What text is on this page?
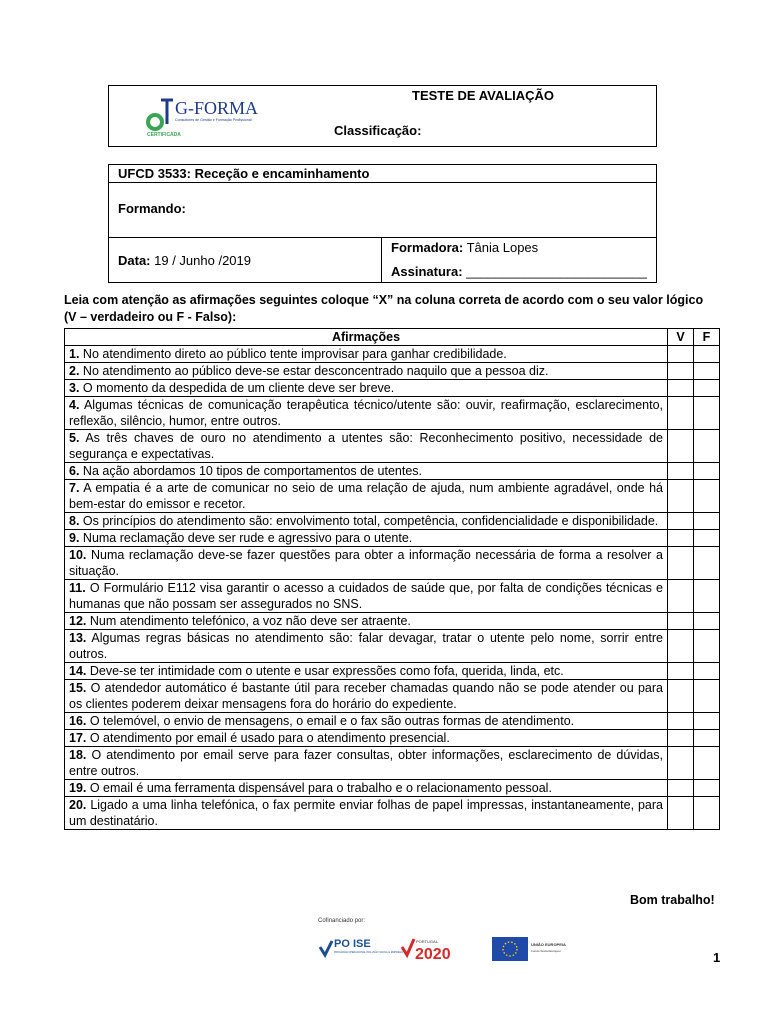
G-FORMA
Consultores de Gestão e Formação Profissional
CERTIFICADA
TESTE DE AVALIAÇÃO
Classificação:
UFCD 3533: Receção e encaminhamento
Formando:
Data: 19 / Junho /2019
Formadora: Tânia Lopes
Assinatura: _________________________
Leia com atenção as afirmações seguintes coloque “X” na coluna correta de acordo com o seu valor lógico (V – verdadeiro ou F - Falso):
Afirmações	V	F
1. No atendimento direto ao público tente improvisar para ganhar credibilidade.		
2. No atendimento ao público deve-se estar desconcentrado naquilo que a pessoa diz.		
3. O momento da despedida de um cliente deve ser breve.		
4. Algumas técnicas de comunicação terapêutica técnico/utente são: ouvir, reafirmação, esclarecimento, reflexão, silêncio, humor, entre outros.		
5. As três chaves de ouro no atendimento a utentes são: Reconhecimento positivo, necessidade de segurança e expectativas.		
6. Na ação abordamos 10 tipos de comportamentos de utentes.		
7. A empatia é a arte de comunicar no seio de uma relação de ajuda, num ambiente agradável, onde há bem-estar do emissor e recetor.		
8. Os princípios do atendimento são: envolvimento total, competência, confidencialidade e disponibilidade.		
9. Numa reclamação deve ser rude e agressivo para o utente.		
10. Numa reclamação deve-se fazer questões para obter a informação necessária de forma a resolver a situação.		
11. O Formulário E112 visa garantir o acesso a cuidados de saúde que, por falta de condições técnicas e humanas que não possam ser assegurados no SNS.		
12. Num atendimento telefónico, a voz não deve ser atraente.		
13. Algumas regras básicas no atendimento são: falar devagar, tratar o utente pelo nome, sorrir entre outros.		
14. Deve-se ter intimidade com o utente e usar expressões como fofa, querida, linda, etc.		
15. O atendedor automático é bastante útil para receber chamadas quando não se pode atender ou para os clientes poderem deixar mensagens fora do horário do expediente.		
16. O telemóvel, o envio de mensagens, o email e o fax são outras formas de atendimento.		
17. O atendimento por email é usado para o atendimento presencial.		
18. O atendimento por email serve para fazer consultas, obter informações, esclarecimento de dúvidas, entre outros.		
19. O email é uma ferramenta dispensável para o trabalho e o relacionamento pessoal.		
20. Ligado a uma linha telefónica, o fax permite enviar folhas de papel impressas, instantaneamente, para um destinatário.		
Bom trabalho!
Cofinanciado por:
PO ISE
PROGRAMA OPERACIONAL INCLUSÃO SOCIAL E EMPREGO
PORTUGAL
2020
UNIÃO EUROPEIA
Fundo Social Europeu	1
